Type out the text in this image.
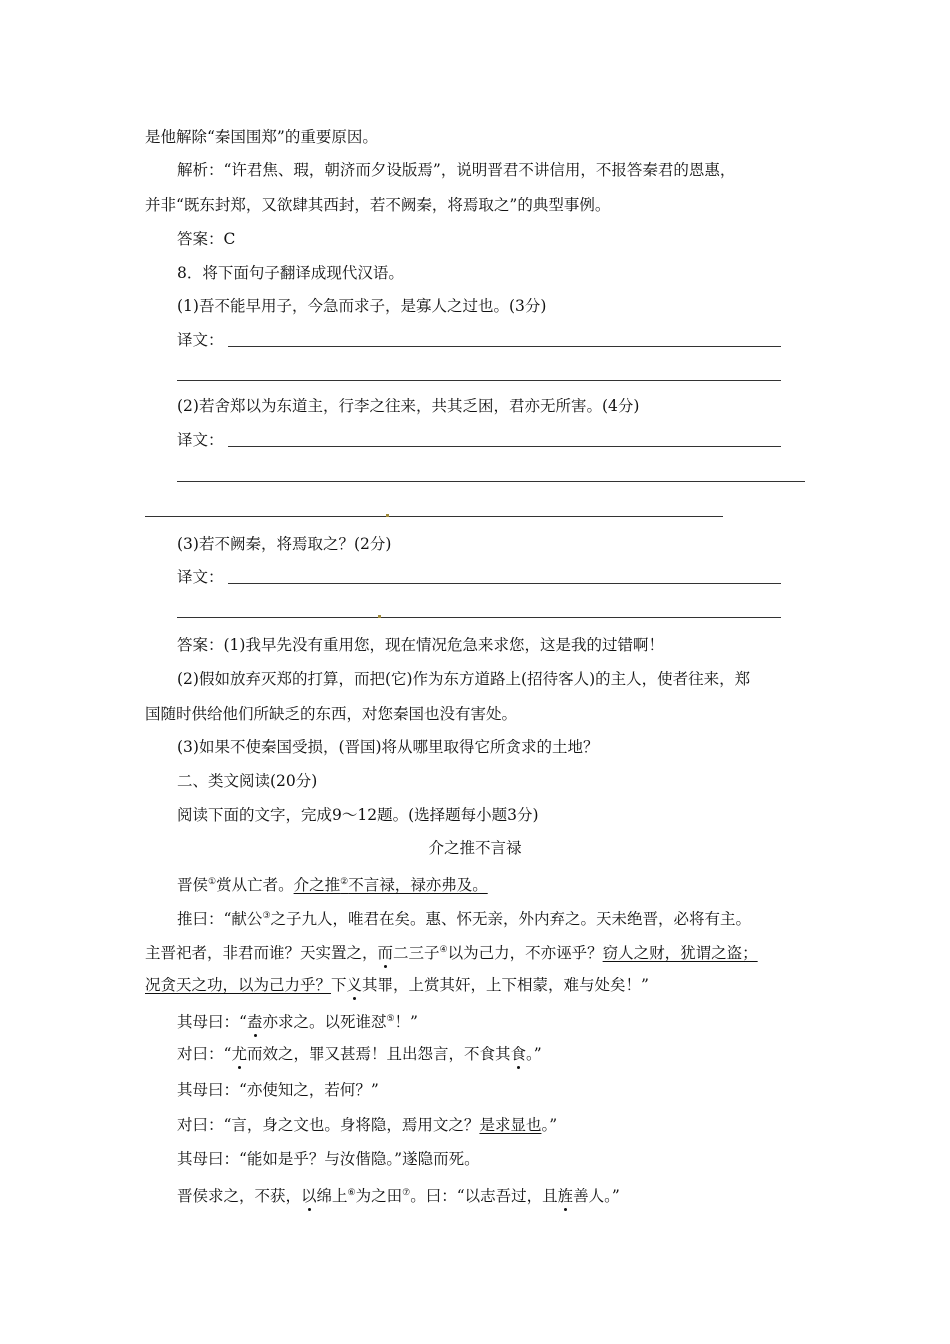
是他解除“秦国围郑”的重要原因。
解析：“许君焦、瑕，朝济而夕设版焉”，说明晋君不讲信用，不报答秦君的恩惠，
并非“既东封郑，又欲肆其西封，若不阙秦，将焉取之”的典型事例。
答案：C
8．将下面句子翻译成现代汉语。
(1)吾不能早用子，今急而求子，是寡人之过也。(3分)
译文：
(2)若舍郑以为东道主，行李之往来，共其乏困，君亦无所害。(4分)
译文：
(3)若不阙秦，将焉取之？(2分)
译文：
答案：(1)我早先没有重用您，现在情况危急来求您，这是我的过错啊！
(2)假如放弃灭郑的打算，而把(它)作为东方道路上(招待客人)的主人，使者往来，郑
国随时供给他们所缺乏的东西，对您秦国也没有害处。
(3)如果不使秦国受损，(晋国)将从哪里取得它所贪求的土地？
二、类文阅读(20分)
阅读下面的文字，完成9～12题。(选择题每小题3分)
介之推不言禄
晋侯①赏从亡者。介之推②不言禄，禄亦弗及。
推曰：“献公③之子九人，唯君在矣。惠、怀无亲，外内弃之。天未绝晋，必将有主。
主晋祀者，非君而谁？天实置之，而二三子④以为己力，不亦诬乎？窃人之财，犹谓之盗；
况贪天之功，以为己力乎？下义其罪，上赏其奸，上下相蒙，难与处矣！”
其母曰：“盍亦求之。以死谁怼⑤！”
对曰：“尤而效之，罪又甚焉！且出怨言，不食其食。”
其母曰：“亦使知之，若何？”
对曰：“言，身之文也。身将隐，焉用文之？是求显也。”
其母曰：“能如是乎？与汝偕隐。”遂隐而死。
晋侯求之，不获，以绵上⑥为之田⑦。曰：“以志吾过，且旌善人。”
